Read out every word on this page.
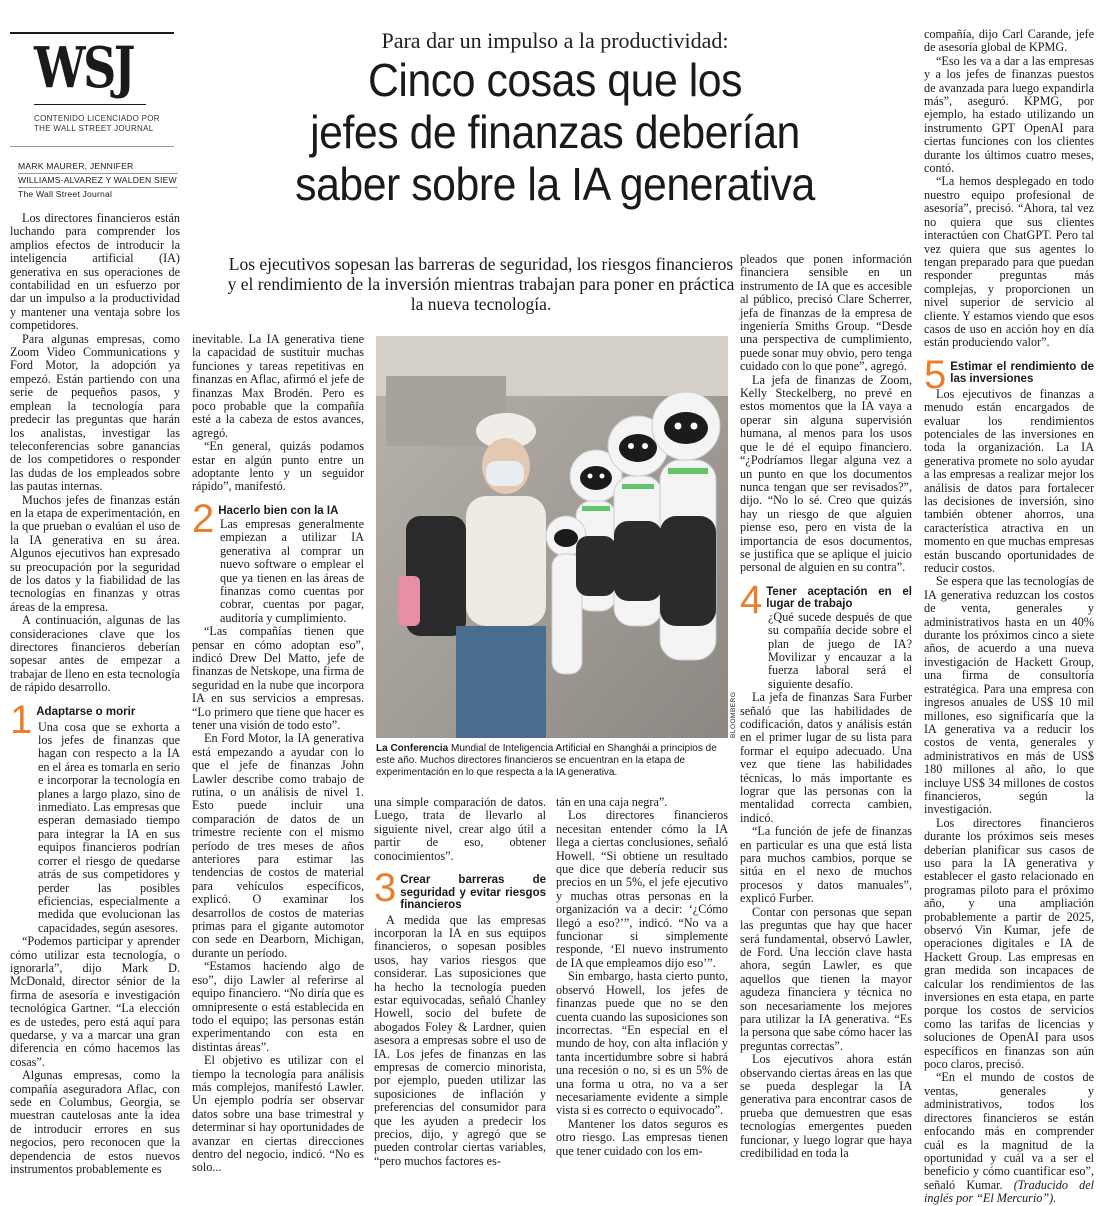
WSJ
CONTENIDO LICENCIADO POR
THE WALL STREET JOURNAL
MARK MAURER, JENNIFER
WILLIAMS-ALVAREZ Y WALDEN SIEW
The Wall Street Journal
Para dar un impulso a la productividad:
Cinco cosas que los
jefes de finanzas deberían
saber sobre la IA generativa
Los ejecutivos sopesan las barreras de seguridad, los riesgos financieros y el rendimiento de la inversión mientras trabajan para poner en práctica la nueva tecnología.
BLOOMBERG
La Conferencia Mundial de Inteligencia Artificial en Shanghái a principios de este año. Muchos directores financieros se encuentran en la etapa de experimentación en lo que respecta a la IA generativa.

Los directores financieros están luchando para comprender los amplios efectos de introducir la inteligencia artificial (IA) generativa en sus operaciones de contabilidad en un esfuerzo por dar un impulso a la productividad y mantener una ventaja sobre los competidores.

Para algunas empresas, como Zoom Video Communications y Ford Motor, la adopción ya empezó. Están partiendo con una serie de pequeños pasos, y emplean la tecnología para predecir las preguntas que harán los analistas, investigar las teleconferencias sobre ganancias de los competidores o responder las dudas de los empleados sobre las pautas internas.

Muchos jefes de finanzas están en la etapa de experimentación, en la que prueban o evalúan el uso de la IA generativa en su área. Algunos ejecutivos han expresado su preocupación por la seguridad de los datos y la fiabilidad de las tecnologías en finanzas y otras áreas de la empresa.

A continuación, algunas de las consideraciones clave que los directores financieros deberían sopesar antes de empezar a trabajar de lleno en esta tecnología de rápido desarrollo.

1 Adaptarse o morir

Una cosa que se exhorta a los jefes de finanzas que hagan con respecto a la IA en el área es tomarla en serio e incorporar la tecnología en planes a largo plazo, sino de inmediato. Las empresas que esperan demasiado tiempo para integrar la IA en sus equipos financieros podrían correr el riesgo de quedarse atrás de sus competidores y perder las posibles eficiencias, especialmente a medida que evolucionan las capacidades, según asesores.

“Podemos participar y aprender cómo utilizar esta tecnología, o ignorarla”, dijo Mark D. McDonald, director sénior de la firma de asesoría e investigación tecnológica Gartner. “La elección es de ustedes, pero está aquí para quedarse, y va a marcar una gran diferencia en cómo hacemos las cosas”.

Algunas empresas, como la compañía aseguradora Aflac, con sede en Columbus, Georgia, se muestran cautelosas ante la idea de introducir errores en sus negocios, pero reconocen que la dependencia de estos nuevos instrumentos probablemente es

inevitable. La IA generativa tiene la capacidad de sustituir muchas funciones y tareas repetitivas en finanzas en Aflac, afirmó el jefe de finanzas Max Brodén. Pero es poco probable que la compañía esté a la cabeza de estos avances, agregó.

“En general, quizás podamos estar en algún punto entre un adoptante lento y un seguidor rápido”, manifestó.

2 Hacerlo bien con la IA

Las empresas generalmente empiezan a utilizar IA generativa al comprar un nuevo software o emplear el que ya tienen en las áreas de finanzas como cuentas por cobrar, cuentas por pagar, auditoría y cumplimiento.

“Las compañías tienen que pensar en cómo adoptan eso”, indicó Drew Del Matto, jefe de finanzas de Netskope, una firma de seguridad en la nube que incorpora IA en sus servicios a empresas. “Lo primero que tiene que hacer es tener una visión de todo esto”.

En Ford Motor, la IA generativa está empezando a ayudar con lo que el jefe de finanzas John Lawler describe como trabajo de rutina, o un análisis de nivel 1. Esto puede incluir una comparación de datos de un trimestre reciente con el mismo período de tres meses de años anteriores para estimar las tendencias de costos de material para vehículos específicos, explicó. O examinar los desarrollos de costos de materias primas para el gigante automotor con sede en Dearborn, Michigan, durante un período.

“Estamos haciendo algo de eso”, dijo Lawler al referirse al equipo financiero. “No diría que es omnipresente o está establecida en todo el equipo; las personas están experimentando con esta en distintas áreas”.

El objetivo es utilizar con el tiempo la tecnología para análisis más complejos, manifestó Lawler. Un ejemplo podría ser observar datos sobre una base trimestral y determinar si hay oportunidades de avanzar en ciertas direcciones dentro del negocio, indicó. “No es solo...

una simple comparación de datos. Luego, trata de llevarlo al siguiente nivel, crear algo útil a partir de eso, obtener conocimientos”.

3 Crear barreras de seguridad y evitar riesgos financieros

A medida que las empresas incorporan la IA en sus equipos financieros, o sopesan posibles usos, hay varios riesgos que considerar. Las suposiciones que ha hecho la tecnología pueden estar equivocadas, señaló Chanley Howell, socio del bufete de abogados Foley & Lardner, quien asesora a empresas sobre el uso de IA. Los jefes de finanzas en las empresas de comercio minorista, por ejemplo, pueden utilizar las suposiciones de inflación y preferencias del consumidor para que les ayuden a predecir los precios, dijo, y agregó que se pueden controlar ciertas variables, “pero muchos factores es-

tán en una caja negra”.

Los directores financieros necesitan entender cómo la IA llega a ciertas conclusiones, señaló Howell. “Si obtiene un resultado que dice que debería reducir sus precios en un 5%, el jefe ejecutivo y muchas otras personas en la organización va a decir: ‘¿Cómo llegó a eso?’”, indicó. “No va a funcionar si simplemente responde, ‘El nuevo instrumento de IA que empleamos dijo eso’”.

Sin embargo, hasta cierto punto, observó Howell, los jefes de finanzas puede que no se den cuenta cuando las suposiciones son incorrectas. “En especial en el mundo de hoy, con alta inflación y tanta incertidumbre sobre si habrá una recesión o no, si es un 5% de una forma u otra, no va a ser necesariamente evidente a simple vista si es correcto o equivocado”.

Mantener los datos seguros es otro riesgo. Las empresas tienen que tener cuidado con los em-

pleados que ponen información financiera sensible en un instrumento de IA que es accesible al público, precisó Clare Scherrer, jefa de finanzas de la empresa de ingeniería Smiths Group. “Desde una perspectiva de cumplimiento, puede sonar muy obvio, pero tenga cuidado con lo que pone”, agregó.

La jefa de finanzas de Zoom, Kelly Steckelberg, no prevé en estos momentos que la IA vaya a operar sin alguna supervisión humana, al menos para los usos que le dé el equipo financiero. “¿Podríamos llegar alguna vez a un punto en que los documentos nunca tengan que ser revisados?”, dijo. “No lo sé. Creo que quizás hay un riesgo de que alguien piense eso, pero en vista de la importancia de esos documentos, se justifica que se aplique el juicio personal de alguien en su contra”.

4 Tener aceptación en el lugar de trabajo

¿Qué sucede después de que su compañía decide sobre el plan de juego de IA? Movilizar y encauzar a la fuerza laboral será el siguiente desafío.

La jefa de finanzas Sara Furber señaló que las habilidades de codificación, datos y análisis están en el primer lugar de su lista para formar el equipo adecuado. Una vez que tiene las habilidades técnicas, lo más importante es lograr que las personas con la mentalidad correcta cambien, indicó.

“La función de jefe de finanzas en particular es una que está lista para muchos cambios, porque se sitúa en el nexo de muchos procesos y datos manuales”, explicó Furber.

Contar con personas que sepan las preguntas que hay que hacer será fundamental, observó Lawler, de Ford. Una lección clave hasta ahora, según Lawler, es que aquellos que tienen la mayor agudeza financiera y técnica no son necesariamente los mejores para utilizar la IA generativa. “Es la persona que sabe cómo hacer las preguntas correctas”.

Los ejecutivos ahora están observando ciertas áreas en las que se pueda desplegar la IA generativa para encontrar casos de prueba que demuestren que esas tecnologías emergentes pueden funcionar, y luego lograr que haya credibilidad en toda la

compañía, dijo Carl Carande, jefe de asesoría global de KPMG.

“Eso les va a dar a las empresas y a los jefes de finanzas puestos de avanzada para luego expandirla más”, aseguró. KPMG, por ejemplo, ha estado utilizando un instrumento GPT OpenAI para ciertas funciones con los clientes durante los últimos cuatro meses, contó.

“La hemos desplegado en todo nuestro equipo profesional de asesoría”, precisó. “Ahora, tal vez no quiera que sus clientes interactúen con ChatGPT. Pero tal vez quiera que sus agentes lo tengan preparado para que puedan responder preguntas más complejas, y proporcionen un nivel superior de servicio al cliente. Y estamos viendo que esos casos de uso en acción hoy en día están produciendo valor”.

5 Estimar el rendimiento de las inversiones

Los ejecutivos de finanzas a menudo están encargados de evaluar los rendimientos potenciales de las inversiones en toda la organización. La IA generativa promete no solo ayudar a las empresas a realizar mejor los análisis de datos para fortalecer las decisiones de inversión, sino también obtener ahorros, una característica atractiva en un momento en que muchas empresas están buscando oportunidades de reducir costos.

Se espera que las tecnologías de IA generativa reduzcan los costos de venta, generales y administrativos hasta en un 40% durante los próximos cinco a siete años, de acuerdo a una nueva investigación de Hackett Group, una firma de consultoría estratégica. Para una empresa con ingresos anuales de US$ 10 mil millones, eso significaría que la IA generativa va a reducir los costos de venta, generales y administrativos en más de US$ 180 millones al año, lo que incluye US$ 34 millones de costos financieros, según la investigación.

Los directores financieros durante los próximos seis meses deberían planificar sus casos de uso para la IA generativa y establecer el gasto relacionado en programas piloto para el próximo año, y una ampliación probablemente a partir de 2025, observó Vin Kumar, jefe de operaciones digitales e IA de Hackett Group. Las empresas en gran medida son incapaces de calcular los rendimientos de las inversiones en esta etapa, en parte porque los costos de servicios como las tarifas de licencias y soluciones de OpenAI para usos específicos en finanzas son aún poco claros, precisó.

“En el mundo de costos de ventas, generales y administrativos, todos los directores financieros se están enfocando más en comprender cuál es la magnitud de la oportunidad y cuál va a ser el beneficio y cómo cuantificar eso”, señaló Kumar. (Traducido del inglés por “El Mercurio”).
